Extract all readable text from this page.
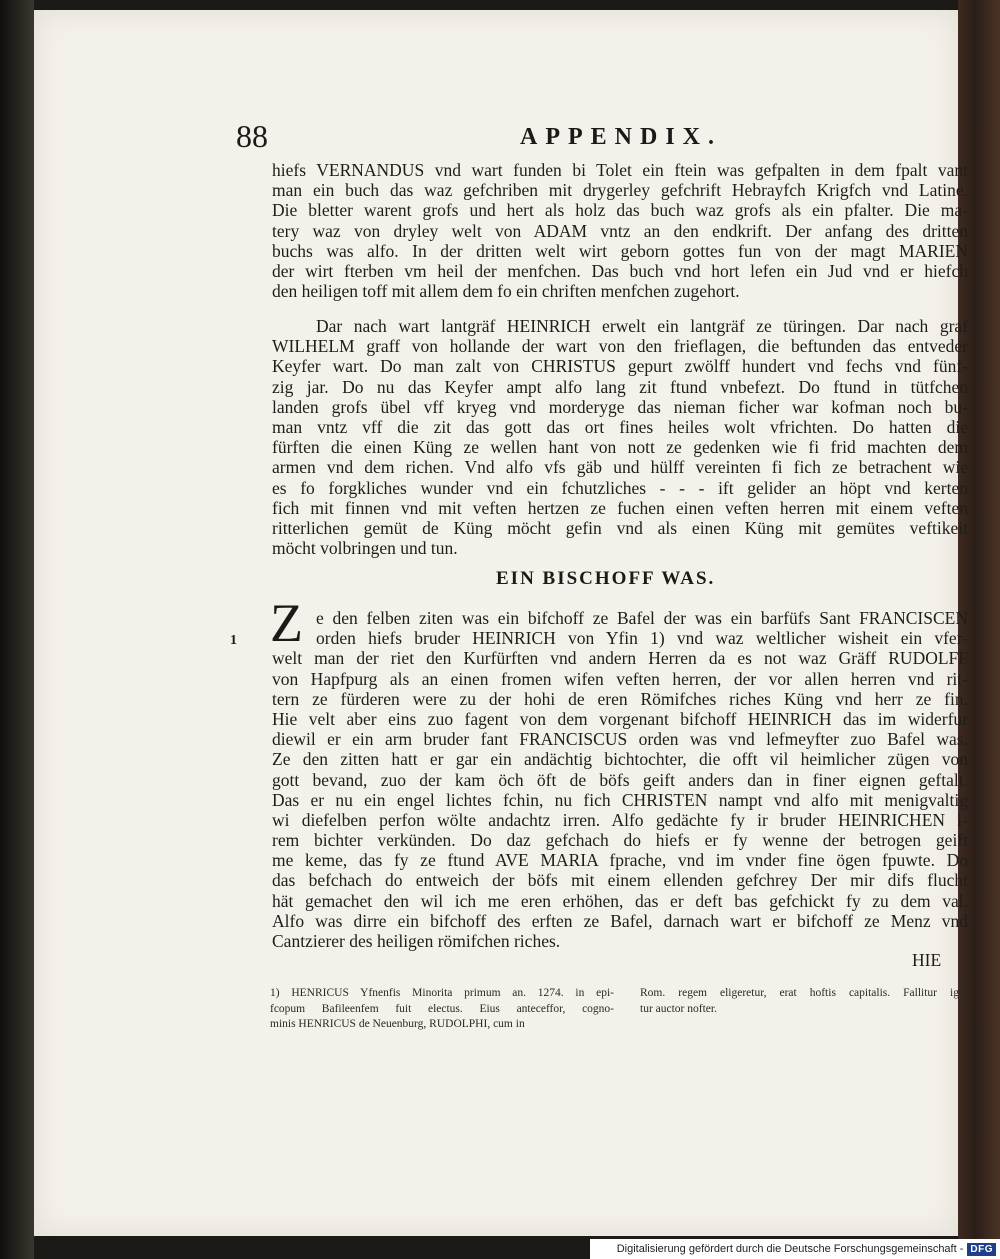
88	APPENDIX.
hiefs VERNANDUS vnd wart funden bi Tolet ein ftein was gefpalten in dem fpalt vant
man ein buch das waz gefchriben mit drygerley gefchrift Hebrayfch Krigfch vnd Latine.
Die bletter warent grofs und hert als holz das buch waz grofs als ein pfalter. Die ma-
tery waz von dryley welt von ADAM vntz an den endkrift. Der anfang des dritten
buchs was alfo. In der dritten welt wirt geborn gottes fun von der magt MARIEN
der wirt fterben vm heil der menfchen. Das buch vnd hort lefen ein Jud vnd er hiefch
den heiligen toff mit allem dem fo ein chriften menfchen zugehort.
Dar nach wart lantgräf HEINRICH erwelt ein lantgräf ze türingen. Dar nach graf
WILHELM graff von hollande der wart von den frieflagen, die beftunden das entveder
Keyfer wart. Do man zalt von CHRISTUS gepurt zwölff hundert vnd fechs vnd fünf-
zig jar. Do nu das Keyfer ampt alfo lang zit ftund vnbefezt. Do ftund in tütfchen
landen grofs übel vff kryeg vnd morderyge das nieman ficher war kofman noch bu-
man vntz vff die zit das gott das ort fines heiles wolt vfrichten. Do hatten die
fürften die einen Küng ze wellen hant von nott ze gedenken wie fi frid machten dem
armen vnd dem richen. Vnd alfo vfs gäb und hülff vereinten fi fich ze betrachent wie
es fo forgkliches wunder vnd ein fchutzliches - - - ift gelider an höpt vnd kerten
fich mit finnen vnd mit veften hertzen ze fuchen einen veften herren mit einem veften
ritterlichen gemüt de Küng möcht gefin vnd als einen Küng mit gemütes veftikeit
möcht volbringen und tun.
EIN BISCHOFF WAS.
Z
1
e den felben ziten was ein bifchoff ze Bafel der was ein barfüfs Sant FRANCISCEN
orden hiefs bruder HEINRICH von Yfin 1) vnd waz weltlicher wisheit ein vfer-
welt man der riet den Kurfürften vnd andern Herren da es not waz Gräff RUDOLFF
von Hapfpurg als an einen fromen wifen veften herren, der vor allen herren vnd rit-
tern ze fürderen were zu der hohi de eren Römifches riches Küng vnd herr ze fin.
Hie velt aber eins zuo fagent von dem vorgenant bifchoff HEINRICH das im widerfur
diewil er ein arm bruder fant FRANCISCUS orden was vnd lefmeyfter zuo Bafel was.
Ze den zitten hatt er gar ein andächtig bichtochter, die offt vil heimlicher zügen von
gott bevand, zuo der kam öch öft de böfs geift anders dan in finer eignen geftalt.
Das er nu ein engel lichtes fchin, nu fich CHRISTEN nampt vnd alfo mit menigvaltig
wi diefelben perfon wölte andachtz irren. Alfo gedächte fy ir bruder HEINRICHEN i-
rem bichter verkünden. Do daz gefchach do hiefs er fy wenne der betrogen geift
me keme, das fy ze ftund AVE MARIA fprache, vnd im vnder fine ögen fpuwte. Do
das befchach do entweich der böfs mit einem ellenden gefchrey Der mir difs flucht
hät gemachet den wil ich me eren erhöhen, das er deft bas gefchickt fy zu dem val.
Alfo was dirre ein bifchoff des erften ze Bafel, darnach wart er bifchoff ze Menz vnd
Cantzierer des heiligen römifchen riches.
HIE
1) HENRICUS Yfnenfis Minorita primum an. 1274. in epi-
fcopum Bafileenfem fuit electus. Eius anteceffor, cogno-
minis HENRICUS de Neuenburg, RUDOLPHI, cum in
Rom. regem eligeretur, erat hoftis capitalis. Fallitur igi-
tur auctor nofter.
Digitalisierung gefördert durch die Deutsche Forschungsgemeinschaft - DFG
